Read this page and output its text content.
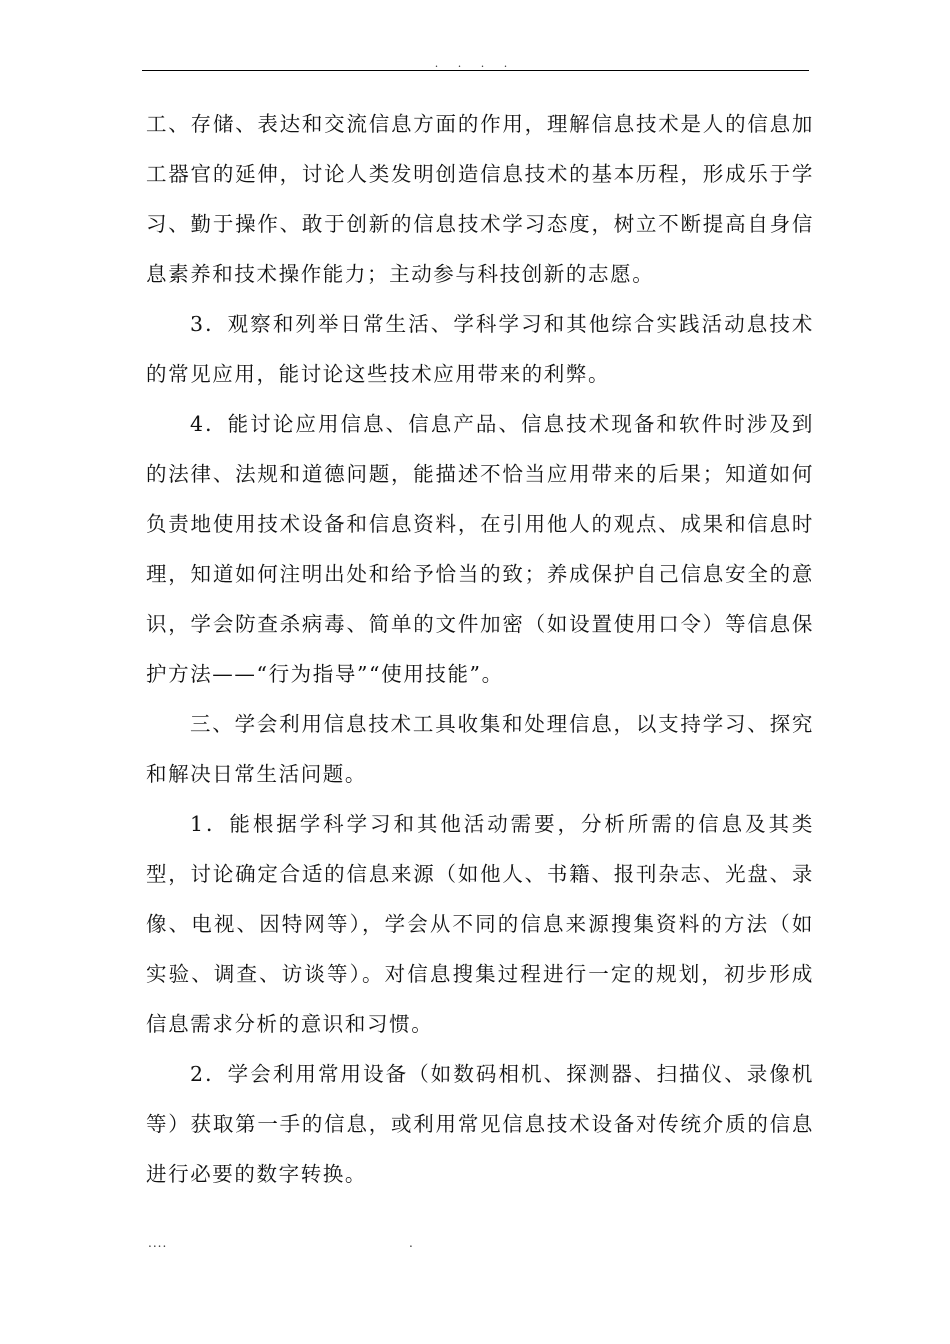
. . . .

工、存储、表达和交流信息方面的作用，理解信息技术是人的信息加工器官的延伸，讨论人类发明创造信息技术的基本历程，形成乐于学习、勤于操作、敢于创新的信息技术学习态度，树立不断提高自身信息素养和技术操作能力；主动参与科技创新的志愿。

3．观察和列举日常生活、学科学习和其他综合实践活动息技术的常见应用，能讨论这些技术应用带来的利弊。

4．能讨论应用信息、信息产品、信息技术现备和软件时涉及到的法律、法规和道德问题，能描述不恰当应用带来的后果；知道如何负责地使用技术设备和信息资料，在引用他人的观点、成果和信息时理，知道如何注明出处和给予恰当的致；养成保护自己信息安全的意识，学会防查杀病毒、简单的文件加密（如设置使用口令）等信息保护方法——“行为指导”“使用技能”。

三、学会利用信息技术工具收集和处理信息，以支持学习、探究和解决日常生活问题。

1．能根据学科学习和其他活动需要，分析所需的信息及其类型，讨论确定合适的信息来源（如他人、书籍、报刊杂志、光盘、录像、电视、因特网等），学会从不同的信息来源搜集资料的方法（如实验、调查、访谈等）。对信息搜集过程进行一定的规划，初步形成信息需求分析的意识和习惯。

2．学会利用常用设备（如数码相机、探测器、扫描仪、录像机等）获取第一手的信息，或利用常见信息技术设备对传统介质的信息进行必要的数字转换。

....	.
